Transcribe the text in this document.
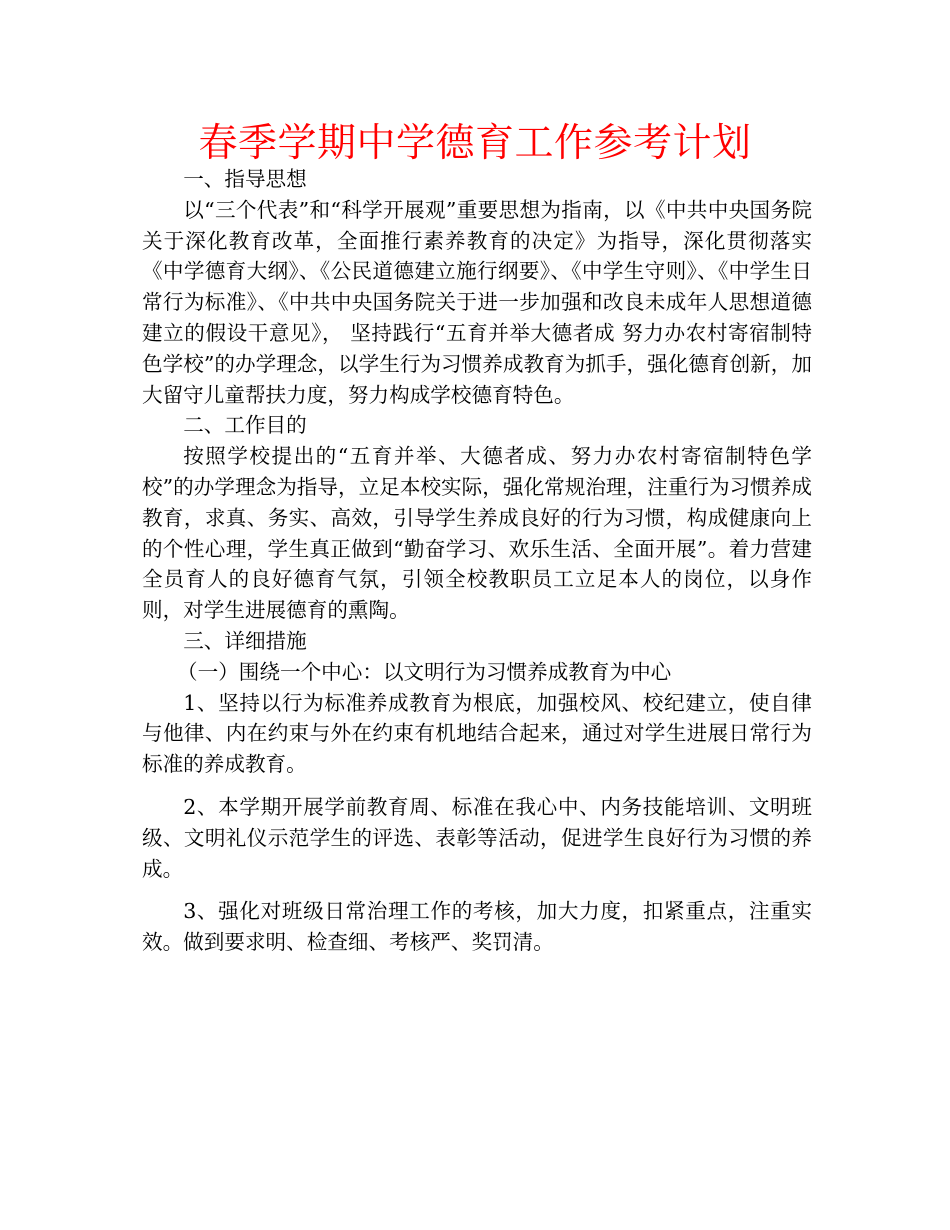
春季学期中学德育工作参考计划

一、指导思想

以“三个代表”和“科学开展观”重要思想为指南，以《中共中央国务院关于深化教育改革，全面推行素养教育的决定》为指导，深化贯彻落实《中学德育大纲》、《公民道德建立施行纲要》、《中学生守则》、《中学生日常行为标准》、《中共中央国务院关于进一步加强和改良未成年人思想道德建立的假设干意见》， 坚持践行“五育并举大德者成 努力办农村寄宿制特色学校”的办学理念，以学生行为习惯养成教育为抓手，强化德育创新，加大留守儿童帮扶力度，努力构成学校德育特色。

二、工作目的

按照学校提出的“五育并举、大德者成、努力办农村寄宿制特色学校”的办学理念为指导，立足本校实际，强化常规治理，注重行为习惯养成教育，求真、务实、高效，引导学生养成良好的行为习惯，构成健康向上的个性心理，学生真正做到“勤奋学习、欢乐生活、全面开展”。着力营建全员育人的良好德育气氛，引领全校教职员工立足本人的岗位，以身作则，对学生进展德育的熏陶。

三、详细措施

（一）围绕一个中心：以文明行为习惯养成教育为中心

1、坚持以行为标准养成教育为根底，加强校风、校纪建立，使自律与他律、内在约束与外在约束有机地结合起来，通过对学生进展日常行为标准的养成教育。

2、本学期开展学前教育周、标准在我心中、内务技能培训、文明班级、文明礼仪示范学生的评选、表彰等活动，促进学生良好行为习惯的养成。

3、强化对班级日常治理工作的考核，加大力度，扣紧重点，注重实效。做到要求明、检查细、考核严、奖罚清。
